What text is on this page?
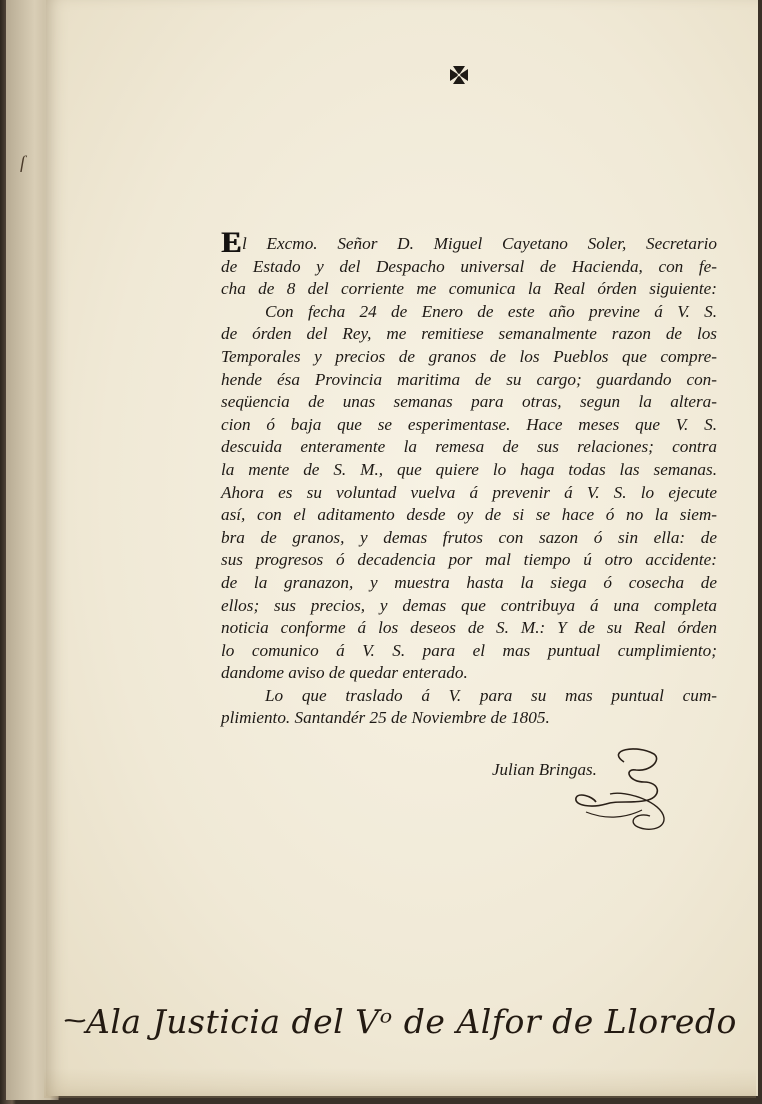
ſ
El Excmo. Señor D. Miguel Cayetano Soler, Secretario
de Estado y del Despacho universal de Hacienda, con fe-
cha de 8 del corriente me comunica la Real órden siguiente:
Con fecha 24 de Enero de este año previne á V. S.
de órden del Rey, me remitiese semanalmente razon de los
Temporales y precios de granos de los Pueblos que compre-
hende ésa Provincia maritima de su cargo; guardando con-
seqüencia de unas semanas para otras, segun la altera-
cion ó baja que se esperimentase. Hace meses que V. S.
descuida enteramente la remesa de sus relaciones; contra
la mente de S. M., que quiere lo haga todas las semanas.
Ahora es su voluntad vuelva á prevenir á V. S. lo ejecute
así, con el aditamento desde oy de si se hace ó no la siem-
bra de granos, y demas frutos con sazon ó sin ella: de
sus progresos ó decadencia por mal tiempo ú otro accidente:
de la granazon, y muestra hasta la siega ó cosecha de
ellos; sus precios, y demas que contribuya á una completa
noticia conforme á los deseos de S. M.: Y de su Real órden
lo comunico á V. S. para el mas puntual cumplimiento;
dandome aviso de quedar enterado.
Lo que traslado á V. para su mas puntual cum-
plimiento. Santandér 25 de Noviembre de 1805.
Julian Bringas.
Ala Justicia del Vᵒ de Alfor de Lloredo
